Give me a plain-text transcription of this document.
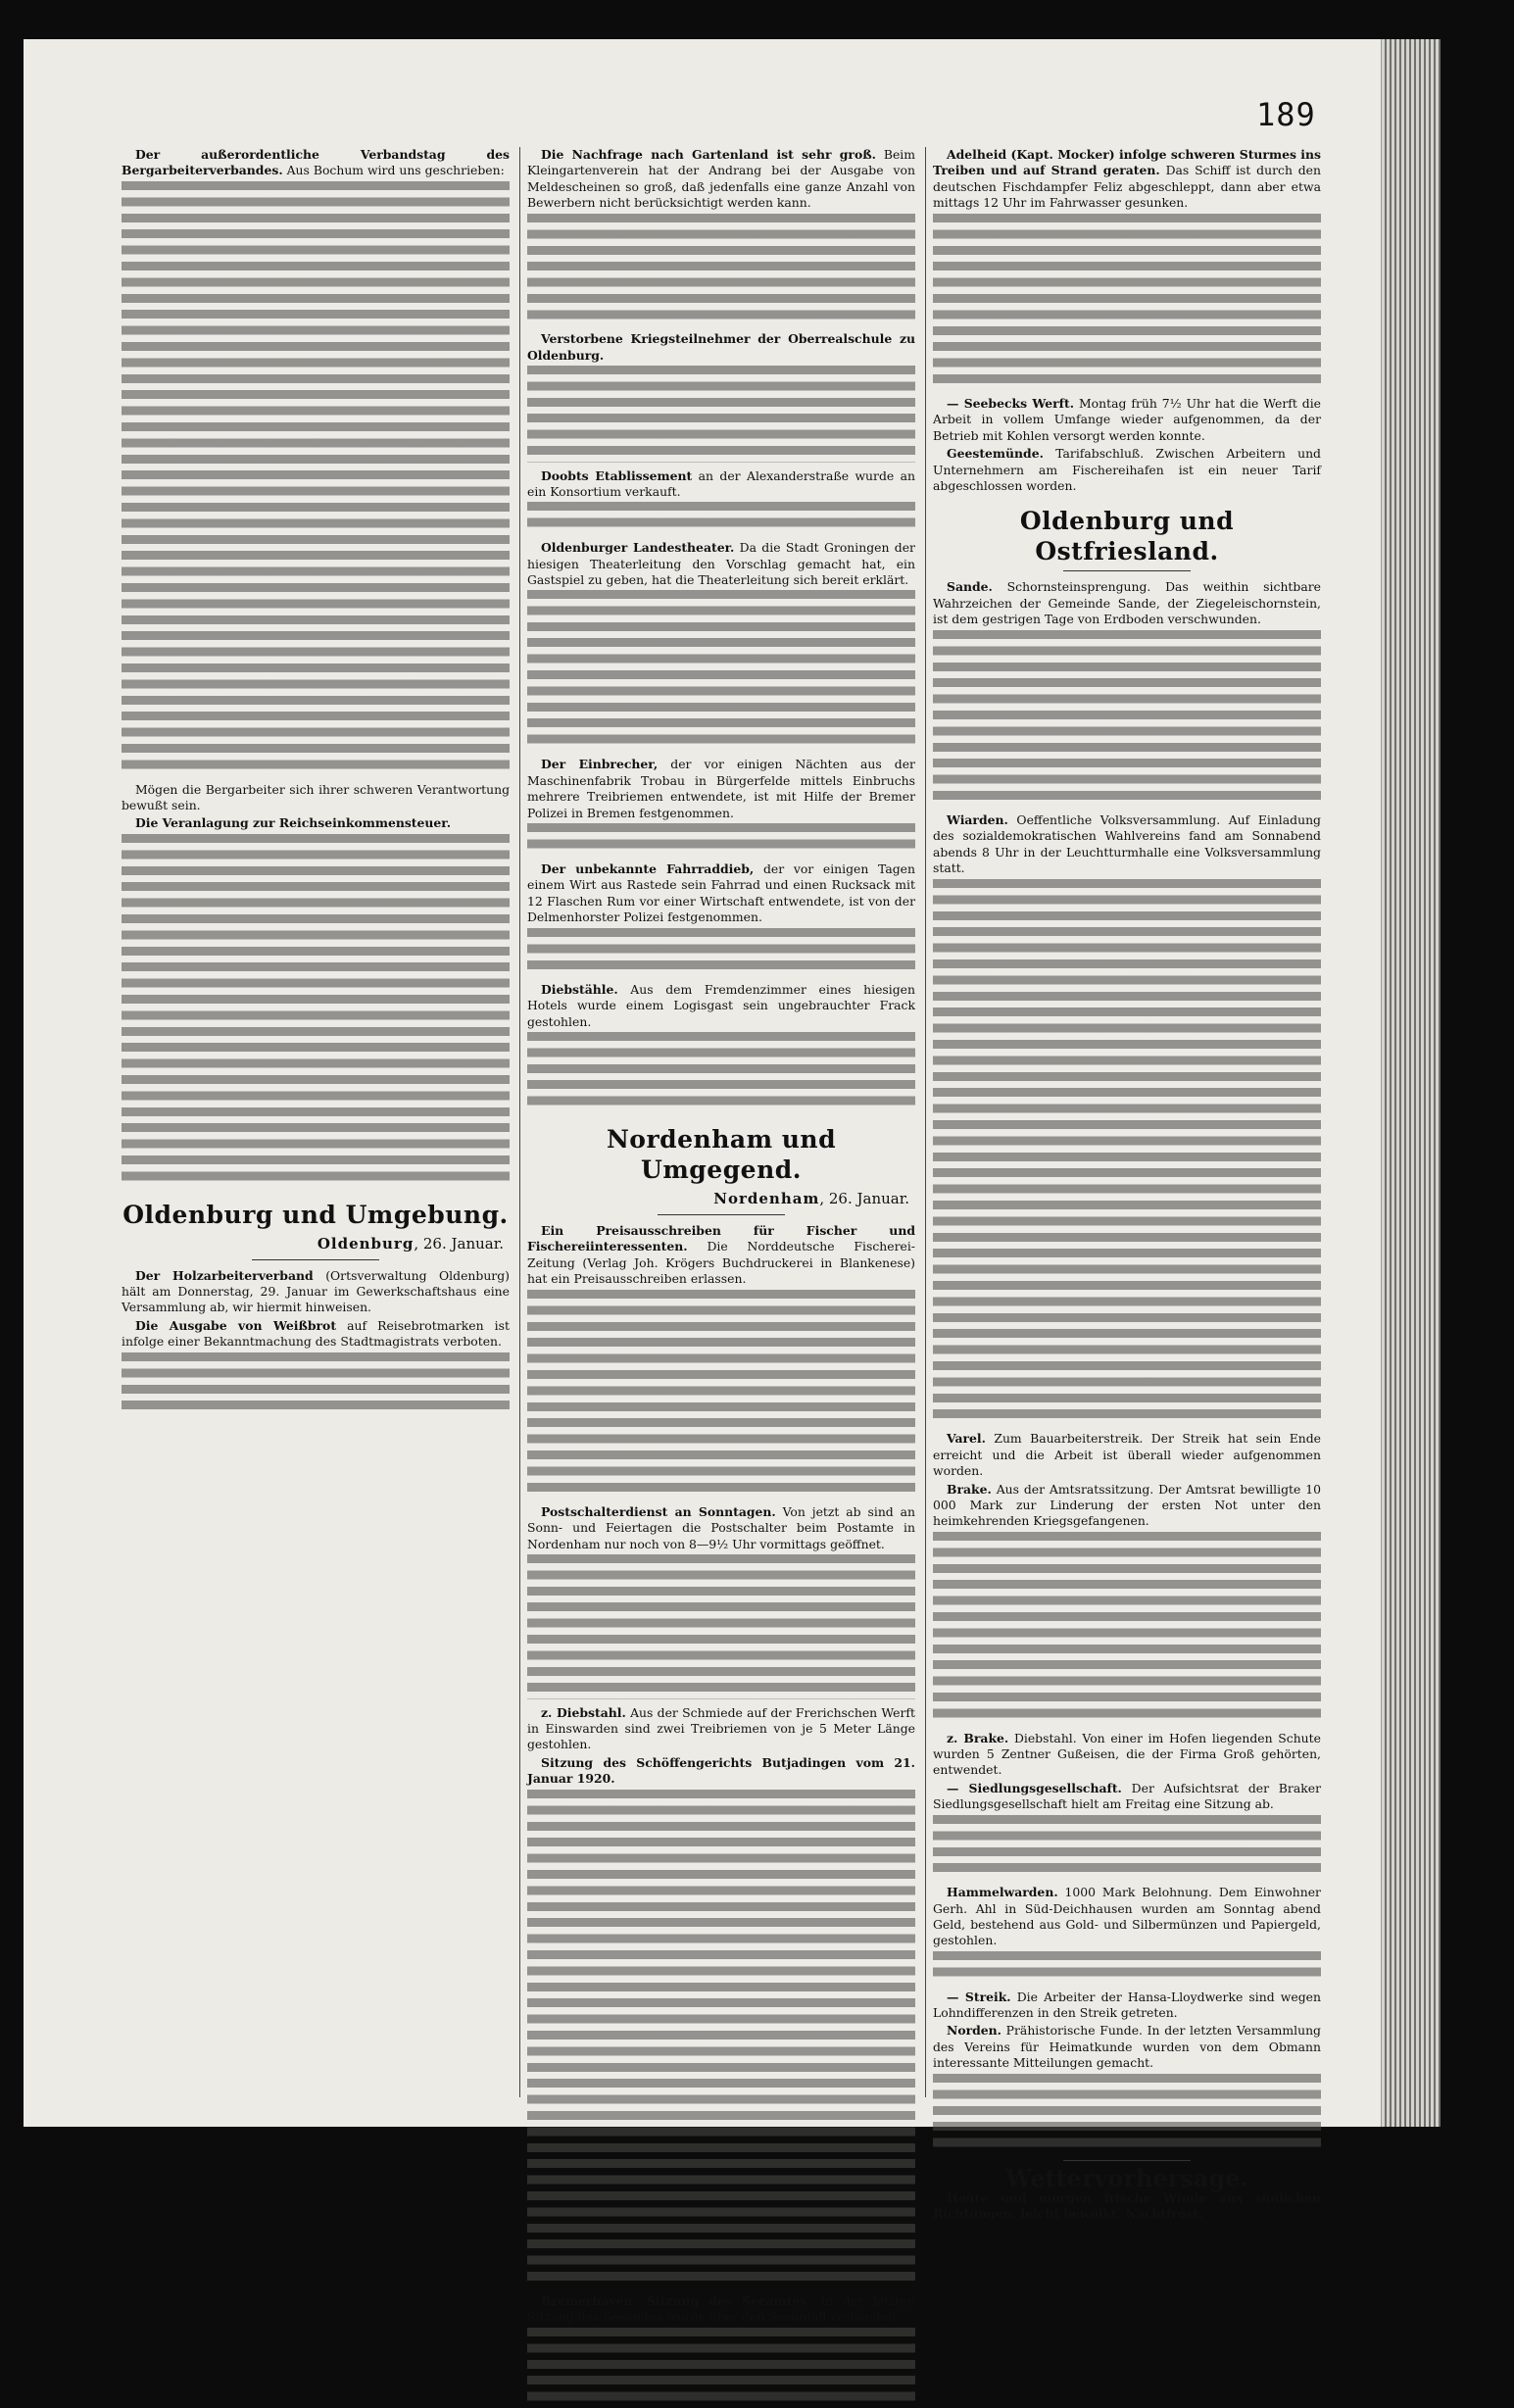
189

Der außerordentliche Verbandstag des Bergarbeiterverbandes. Aus Bochum wird uns geschrieben:

Mögen die Bergarbeiter sich ihrer schweren Verantwortung bewußt sein.

Die Veranlagung zur Reichseinkommensteuer.

Oldenburg und Umgebung.
Oldenburg, 26. Januar.

Der Holzarbeiterverband (Ortsverwaltung Oldenburg) hält am Donnerstag, 29. Januar im Gewerkschaftshaus eine Versammlung ab, wir hiermit hinweisen.

Die Ausgabe von Weißbrot auf Reisebrotmarken ist infolge einer Bekanntmachung des Stadtmagistrats verboten.

Die Nachfrage nach Gartenland ist sehr groß. Beim Kleingartenverein hat der Andrang bei der Ausgabe von Meldescheinen so groß, daß jedenfalls eine ganze Anzahl von Bewerbern nicht berücksichtigt werden kann.

Verstorbene Kriegsteilnehmer der Oberrealschule zu Oldenburg.

Doobts Etablissement an der Alexanderstraße wurde an ein Konsortium verkauft.

Oldenburger Landestheater. Da die Stadt Groningen der hiesigen Theaterleitung den Vorschlag gemacht hat, ein Gastspiel zu geben, hat die Theaterleitung sich bereit erklärt.

Der Einbrecher, der vor einigen Nächten aus der Maschinenfabrik Trobau in Bürgerfelde mittels Einbruchs mehrere Treibriemen entwendete, ist mit Hilfe der Bremer Polizei in Bremen festgenommen.

Der unbekannte Fahrraddieb, der vor einigen Tagen einem Wirt aus Rastede sein Fahrrad und einen Rucksack mit 12 Flaschen Rum vor einer Wirtschaft entwendete, ist von der Delmenhorster Polizei festgenommen.

Diebstähle. Aus dem Fremdenzimmer eines hiesigen Hotels wurde einem Logisgast sein ungebrauchter Frack gestohlen.

Nordenham und Umgegend.
Nordenham, 26. Januar.

Ein Preisausschreiben für Fischer und Fischereiinteressenten. Die Norddeutsche Fischerei-Zeitung (Verlag Joh. Krögers Buchdruckerei in Blankenese) hat ein Preisausschreiben erlassen.

Postschalterdienst an Sonntagen. Von jetzt ab sind an Sonn- und Feiertagen die Postschalter beim Postamte in Nordenham nur noch von 8—9½ Uhr vormittags geöffnet.

z. Diebstahl. Aus der Schmiede auf der Frerichschen Werft in Einswarden sind zwei Treibriemen von je 5 Meter Länge gestohlen.

Sitzung des Schöffengerichts Butjadingen vom 21. Januar 1920.

Bremerhaven. Sitzung des Seeamtes. In der letzten Sitzung des Seeamtes wurde über den Seeunfall verhandelt.

Adelheid (Kapt. Mocker) infolge schweren Sturmes ins Treiben und auf Strand geraten. Das Schiff ist durch den deutschen Fischdampfer Feliz abgeschleppt, dann aber etwa mittags 12 Uhr im Fahrwasser gesunken.

— Seebecks Werft. Montag früh 7½ Uhr hat die Werft die Arbeit in vollem Umfange wieder aufgenommen, da der Betrieb mit Kohlen versorgt werden konnte.

Geestemünde. Tarifabschluß. Zwischen Arbeitern und Unternehmern am Fischereihafen ist ein neuer Tarif abgeschlossen worden.

Oldenburg und Ostfriesland.

Sande. Schornsteinsprengung. Das weithin sichtbare Wahrzeichen der Gemeinde Sande, der Ziegeleischornstein, ist dem gestrigen Tage von Erdboden verschwunden.

Wiarden. Oeffentliche Volksversammlung. Auf Einladung des sozialdemokratischen Wahlvereins fand am Sonnabend abends 8 Uhr in der Leuchtturmhalle eine Volksversammlung statt.

Varel. Zum Bauarbeiterstreik. Der Streik hat sein Ende erreicht und die Arbeit ist überall wieder aufgenommen worden.

Brake. Aus der Amtsratssitzung. Der Amtsrat bewilligte 10 000 Mark zur Linderung der ersten Not unter den heimkehrenden Kriegsgefangenen.

z. Brake. Diebstahl. Von einer im Hofen liegenden Schute wurden 5 Zentner Gußeisen, die der Firma Groß gehörten, entwendet.

— Siedlungsgesellschaft. Der Aufsichtsrat der Braker Siedlungsgesellschaft hielt am Freitag eine Sitzung ab.

Hammelwarden. 1000 Mark Belohnung. Dem Einwohner Gerh. Ahl in Süd-Deichhausen wurden am Sonntag abend Geld, bestehend aus Gold- und Silbermünzen und Papiergeld, gestohlen.

— Streik. Die Arbeiter der Hansa-Lloydwerke sind wegen Lohndifferenzen in den Streik getreten.

Norden. Prähistorische Funde. In der letzten Versammlung des Vereins für Heimatkunde wurden von dem Obmann interessante Mitteilungen gemacht.

Wettervorhersage.

Heute und morgen frische Winde aus südlichen Richtungen, leicht bewölkt, Nachtfrost.
